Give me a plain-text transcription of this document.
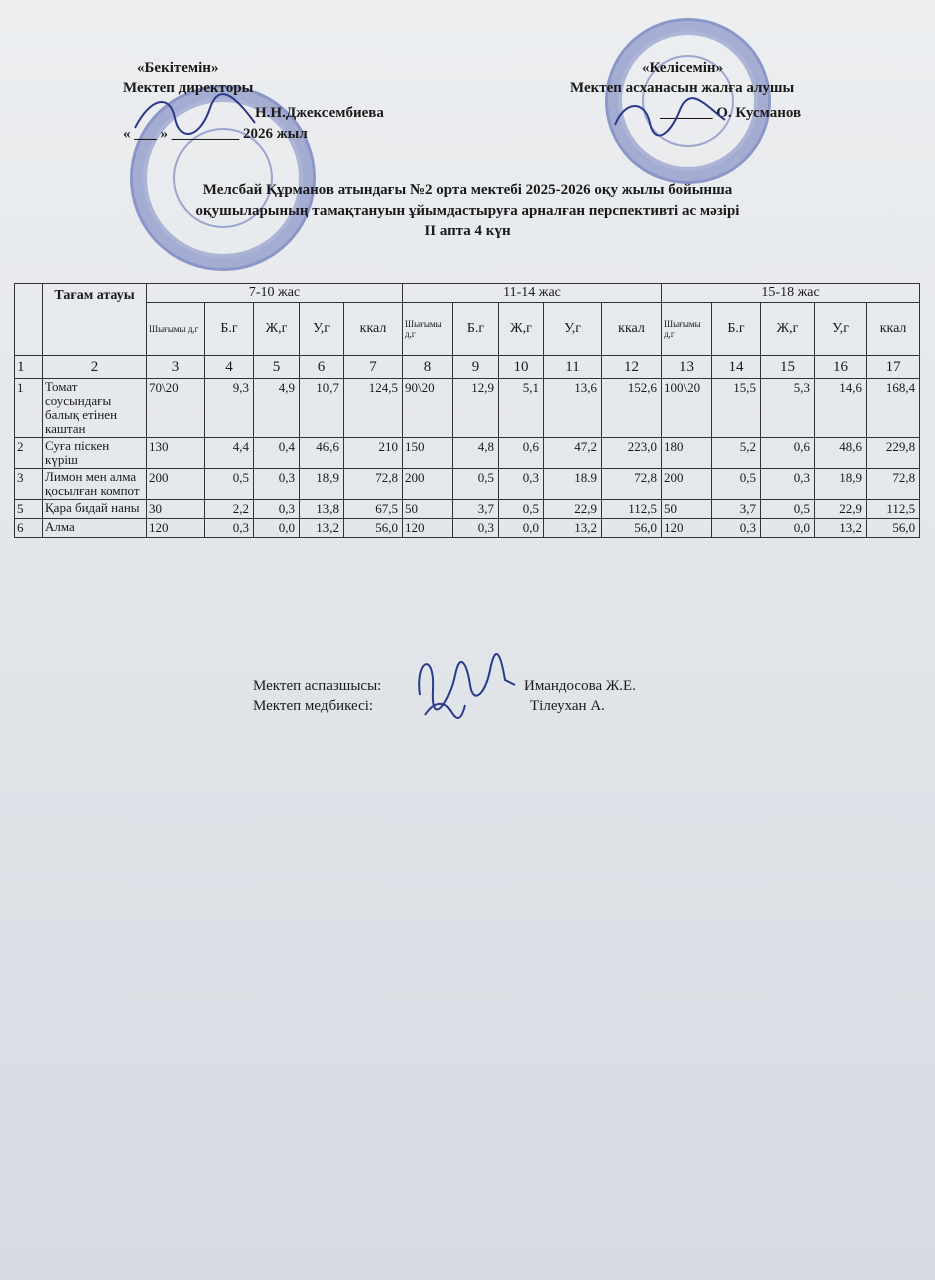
«Бекітемін»
Мектеп директоры
Н.Н.Джексембиева
« ___ » _________ 2026 жыл
«Келісемін»
Мектеп асханасын жалға алушы
_______ О. Кусманов
Мелсбай Құрманов атындағы №2 орта мектебі 2025-2026 оқу жылы бойынша
оқушыларының тамақтануын ұйымдастыруға арналған перспективті ас мәзірі
ІІ апта 4 күн
	Тағам атауы	7-10 жас					11-14 жас					15-18 жас				
		Шығымы д,г	Б.г	Ж,г	У,г	ккал	Шығымы д,г	Б.г	Ж,г	У,г	ккал	Шығымы д,г	Б.г	Ж,г	У,г	ккал
1	2	3	4	5	6	7	8	9	10	11	12	13	14	15	16	17
1	Томат соусындағы балық етінен каштан	70\20	9,3	4,9	10,7	124,5	90\20	12,9	5,1	13,6	152,6	100\20	15,5	5,3	14,6	168,4
2	Суға піскен күріш	130	4,4	0,4	46,6	210	150	4,8	0,6	47,2	223,0	180	5,2	0,6	48,6	229,8
3	Лимон мен алма қосылған компот	200	0,5	0,3	18,9	72,8	200	0,5	0,3	18.9	72,8	200	0,5	0,3	18,9	72,8
5	Қара бидай наны	30	2,2	0,3	13,8	67,5	50	3,7	0,5	22,9	112,5	50	3,7	0,5	22,9	112,5
6	Алма	120	0,3	0,0	13,2	56,0	120	0,3	0,0	13,2	56,0	120	0,3	0,0	13,2	56,0
Мектеп аспазшысы:	Имандосова Ж.Е.
Мектеп медбикесі:	Тілеухан А.
